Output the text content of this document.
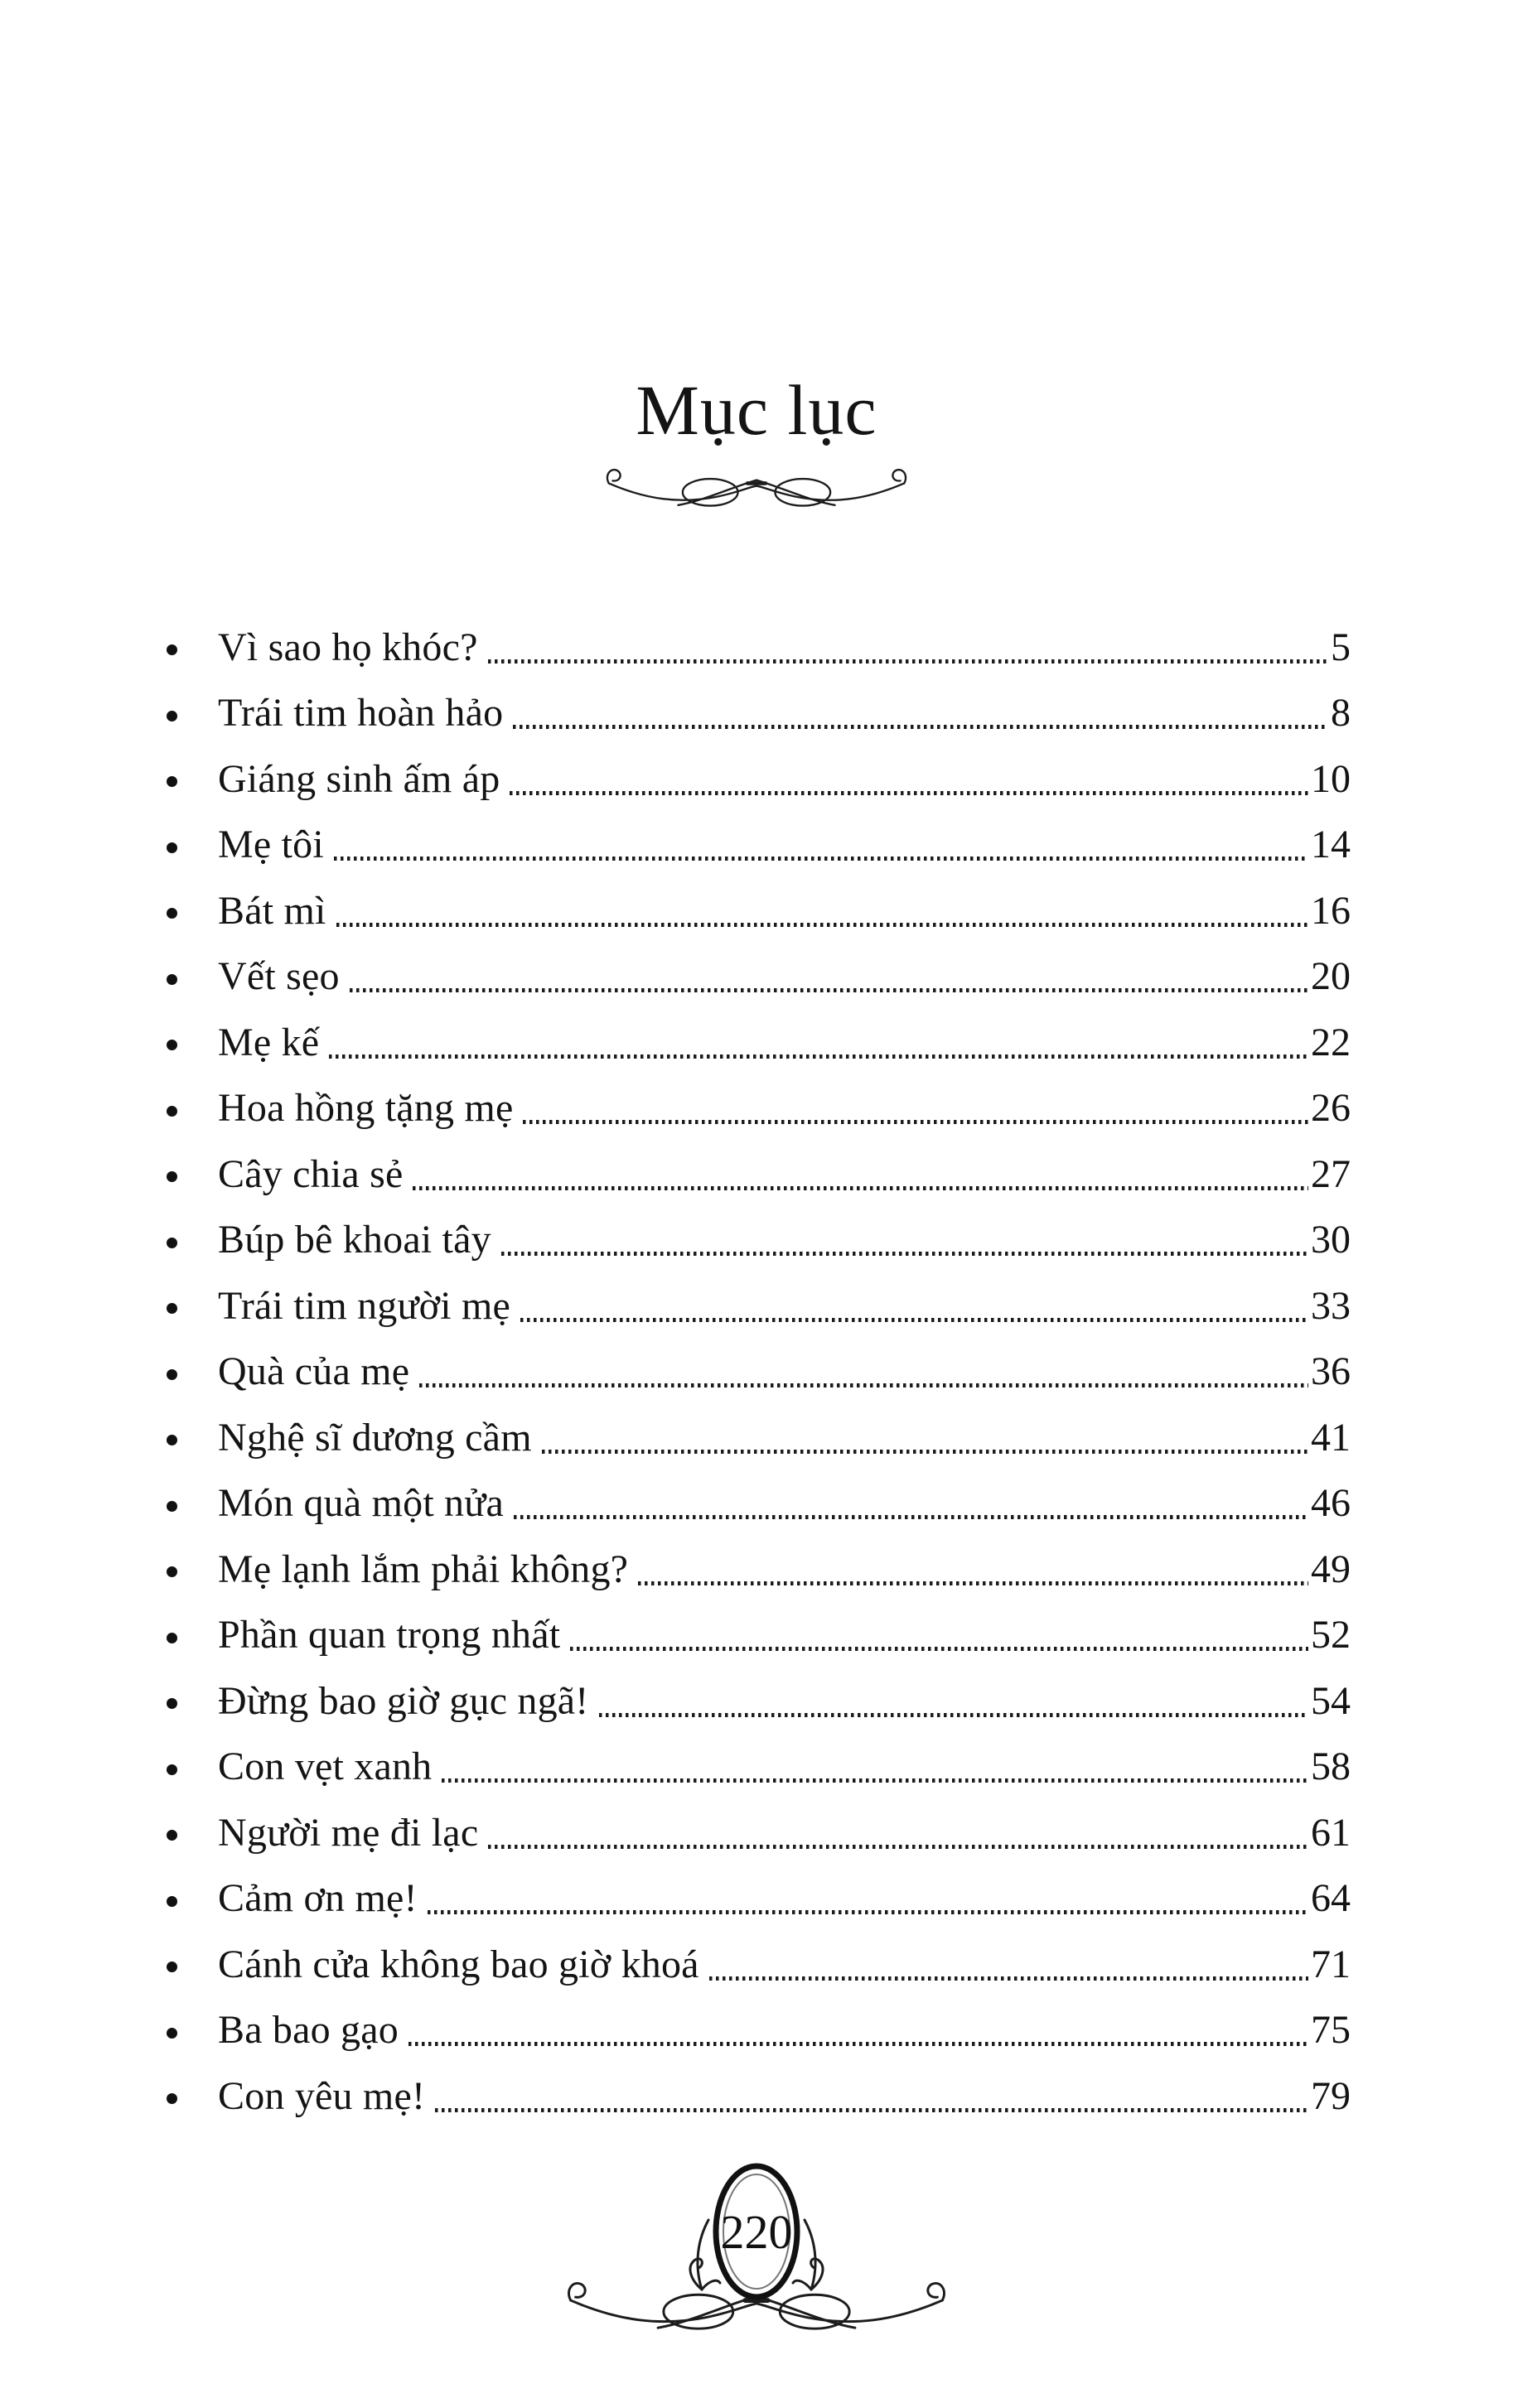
Mục lục
Vì sao họ khóc?	5
Trái tim hoàn hảo	8
Giáng sinh ấm áp	10
Mẹ tôi	14
Bát mì	16
Vết sẹo	20
Mẹ kế	22
Hoa hồng tặng mẹ	26
Cây chia sẻ	27
Búp bê khoai tây	30
Trái tim người mẹ	33
Quà của mẹ	36
Nghệ sĩ dương cầm	41
Món quà một nửa	46
Mẹ lạnh lắm phải không?	49
Phần quan trọng nhất	52
Đừng bao giờ gục ngã!	54
Con vẹt xanh	58
Người mẹ đi lạc	61
Cảm ơn mẹ!	64
Cánh cửa không bao giờ khoá	71
Ba bao gạo	75
Con yêu mẹ!	79
220
